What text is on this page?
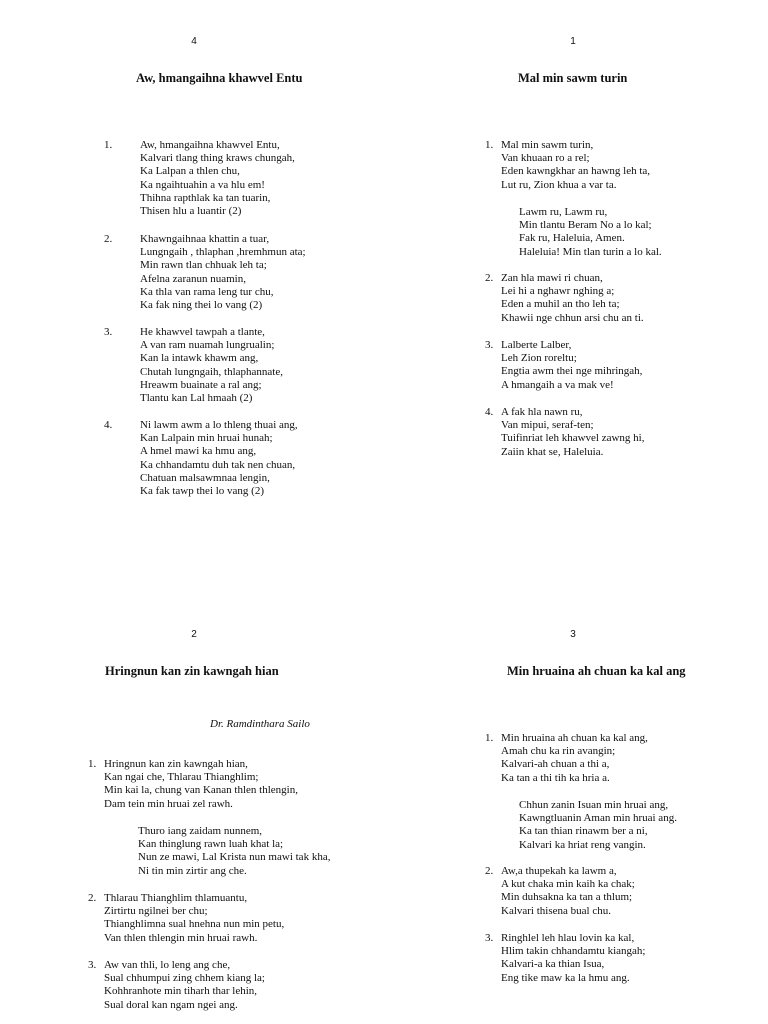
4
Aw, hmangaihna khawvel Entu
1.	Aw, hmangaihna khawvel Entu,
Kalvari tlang thing kraws chungah,
Ka Lalpan a thlen chu,
Ka ngaihtuahin a va hlu em!
Thihna rapthlak ka tan tuarin,
Thisen hlu a luantir (2)
2.	Khawngaihnaa khattin a tuar,
Lungngaih , thlaphan ,hremhmun ata;
Min rawn tlan chhuak leh ta;
Afelna zaranun nuamin,
Ka thla van rama leng tur chu,
Ka fak ning thei lo vang (2)
3.	He khawvel tawpah a tlante,
A van ram nuamah lungrualin;
Kan la intawk khawm ang,
Chutah lungngaih, thlaphannate,
Hreawm buainate a ral ang;
Tlantu kan Lal hmaah (2)
4.	Ni lawm awm a lo thleng thuai ang,
Kan Lalpain min hruai hunah;
A hmel mawi ka hmu ang,
Ka chhandamtu duh tak nen chuan,
Chatuan malsawmnaa lengin,
Ka fak tawp thei lo vang (2)
1
Mal min sawm turin
1. Mal min sawm turin,
Van khuaan ro a rel;
Eden kawngkhar an hawng leh ta,
Lut ru, Zion khua a var ta.
Lawm ru, Lawm ru,
Min tlantu Beram No a lo kal;
Fak ru, Haleluia, Amen.
Haleluia! Min tlan turin a lo kal.
2. Zan hla mawi ri chuan,
Lei hi a nghawr nghing a;
Eden a muhil an tho leh ta;
Khawii nge chhun arsi chu an ti.
3. Lalberte Lalber,
Leh Zion roreltu;
Engtia awm thei nge mihringah,
A hmangaih a va mak ve!
4. A fak hla nawn ru,
Van mipui, seraf-ten;
Tuifinriat leh khawvel zawng hi,
Zaiin khat se, Haleluia.
2
Hringnun kan zin kawngah hian
Dr. Ramdinthara Sailo
1. Hringnun kan zin kawngah hian,
Kan ngai che, Thlarau Thianghlim;
Min kai la, chung van Kanan thlen thlengin,
Dam tein min hruai zel rawh.
Thuro iang zaidam nunnem,
Kan thinglung rawn luah khat la;
Nun ze mawi, Lal Krista nun mawi tak kha,
Ni tin min zirtir ang che.
2. Thlarau Thianghlim thlamuantu,
Zirtirtu ngilnei ber chu;
Thianghlimna sual hnehna nun min petu,
Van thlen thlengin min hruai rawh.
3. Aw van thli, lo leng ang che,
Sual chhumpui zing chhem kiang la;
Kohhranhote min tiharh thar lehin,
Sual doral kan ngam ngei ang.
3
Min hruaina ah chuan ka kal ang
1. Min hruaina ah chuan ka kal ang,
Amah chu ka rin avangin;
Kalvari-ah chuan a thi a,
Ka tan a thi tih ka hria a.
Chhun zanin Isuan min hruai ang,
Kawngtluanin Aman min hruai ang.
Ka tan thian rinawm ber a ni,
Kalvari ka hriat reng vangin.
2. Aw,a thupekah ka lawm a,
A kut chaka min kaih ka chak;
Min duhsakna ka tan a thlum;
Kalvari thisena bual chu.
3. Ringhlel leh hlau lovin ka kal,
Hlim takin chhandamtu kiangah;
Kalvari-a ka thian Isua,
Eng tike maw ka la hmu ang.
